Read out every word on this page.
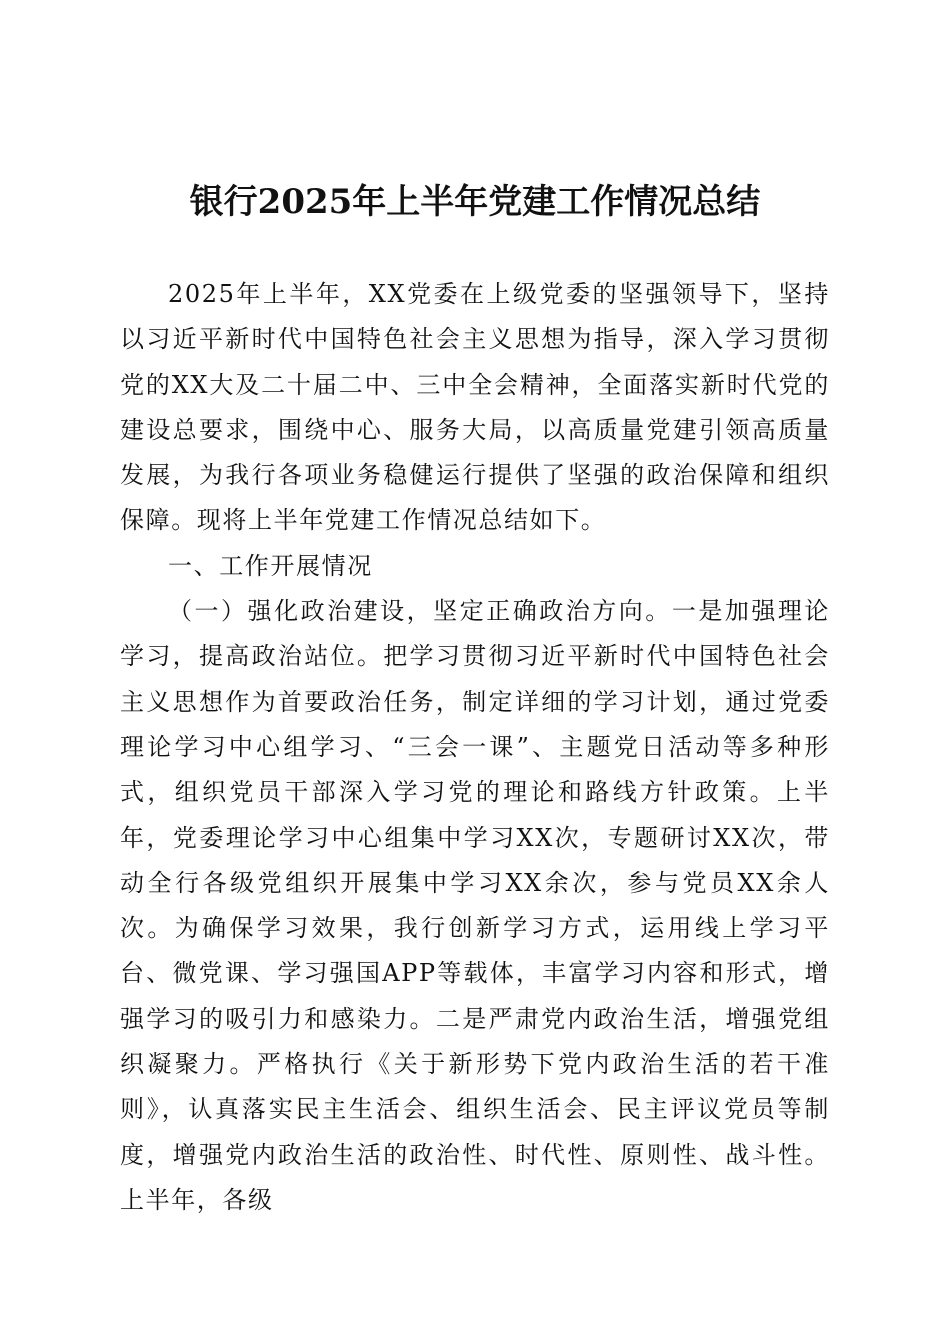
银行2025年上半年党建工作情况总结

2025年上半年，XX党委在上级党委的坚强领导下，坚持以习近平新时代中国特色社会主义思想为指导，深入学习贯彻党的XX大及二十届二中、三中全会精神，全面落实新时代党的建设总要求，围绕中心、服务大局，以高质量党建引领高质量发展，为我行各项业务稳健运行提供了坚强的政治保障和组织保障。现将上半年党建工作情况总结如下。

一、工作开展情况

（一）强化政治建设，坚定正确政治方向。一是加强理论学习，提高政治站位。把学习贯彻习近平新时代中国特色社会主义思想作为首要政治任务，制定详细的学习计划，通过党委理论学习中心组学习、“三会一课”、主题党日活动等多种形式，组织党员干部深入学习党的理论和路线方针政策。上半年，党委理论学习中心组集中学习XX次，专题研讨XX次，带动全行各级党组织开展集中学习XX余次，参与党员XX余人次。为确保学习效果，我行创新学习方式，运用线上学习平台、微党课、学习强国APP等载体，丰富学习内容和形式，增强学习的吸引力和感染力。二是严肃党内政治生活，增强党组织凝聚力。严格执行《关于新形势下党内政治生活的若干准则》，认真落实民主生活会、组织生活会、民主评议党员等制度，增强党内政治生活的政治性、时代性、原则性、战斗性。上半年，各级
